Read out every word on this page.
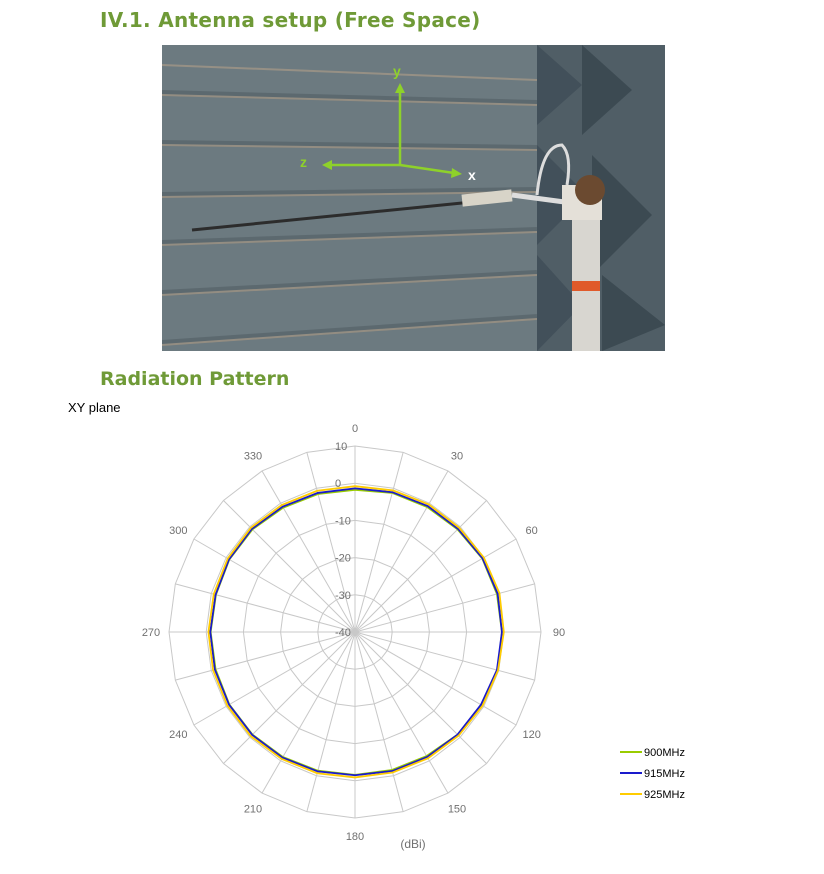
IV.1. Antenna setup (Free Space)
y
z
x
Radiation Pattern
XY plane
0
30
60
90
120
150
180
210
240
270
300
330
10
0
-10
-20
-30
-40
(dBi)
900MHz
915MHz
925MHz
